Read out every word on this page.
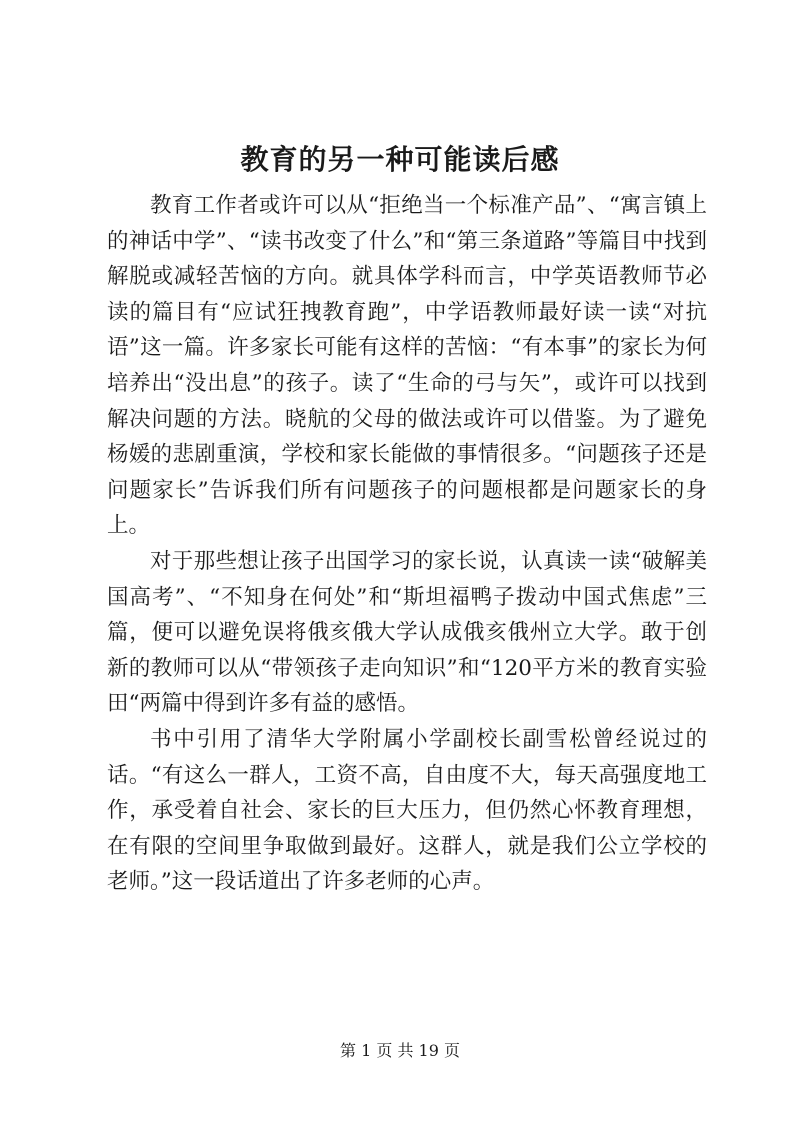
教育的另一种可能读后感

教育工作者或许可以从“拒绝当一个标准产品”、“寓言镇上的神话中学”、“读书改变了什么”和“第三条道路”等篇目中找到解脱或减轻苦恼的方向。就具体学科而言，中学英语教师节必读的篇目有“应试狂拽教育跑”，中学语教师最好读一读“对抗语”这一篇。许多家长可能有这样的苦恼：“有本事”的家长为何培养出“没出息”的孩子。读了“生命的弓与矢”，或许可以找到解决问题的方法。晓航的父母的做法或许可以借鉴。为了避免杨媛的悲剧重演，学校和家长能做的事情很多。“问题孩子还是问题家长”告诉我们所有问题孩子的问题根都是问题家长的身上。

对于那些想让孩子出国学习的家长说，认真读一读“破解美国高考”、“不知身在何处”和“斯坦福鸭子拨动中国式焦虑”三篇，便可以避免误将俄亥俄大学认成俄亥俄州立大学。敢于创新的教师可以从“带领孩子走向知识”和“120平方米的教育实验田“两篇中得到许多有益的感悟。

书中引用了清华大学附属小学副校长副雪松曾经说过的话。“有这么一群人，工资不高，自由度不大，每天高强度地工作，承受着自社会、家长的巨大压力，但仍然心怀教育理想，在有限的空间里争取做到最好。这群人，就是我们公立学校的老师。”这一段话道出了许多老师的心声。

第 1 页 共 19 页
